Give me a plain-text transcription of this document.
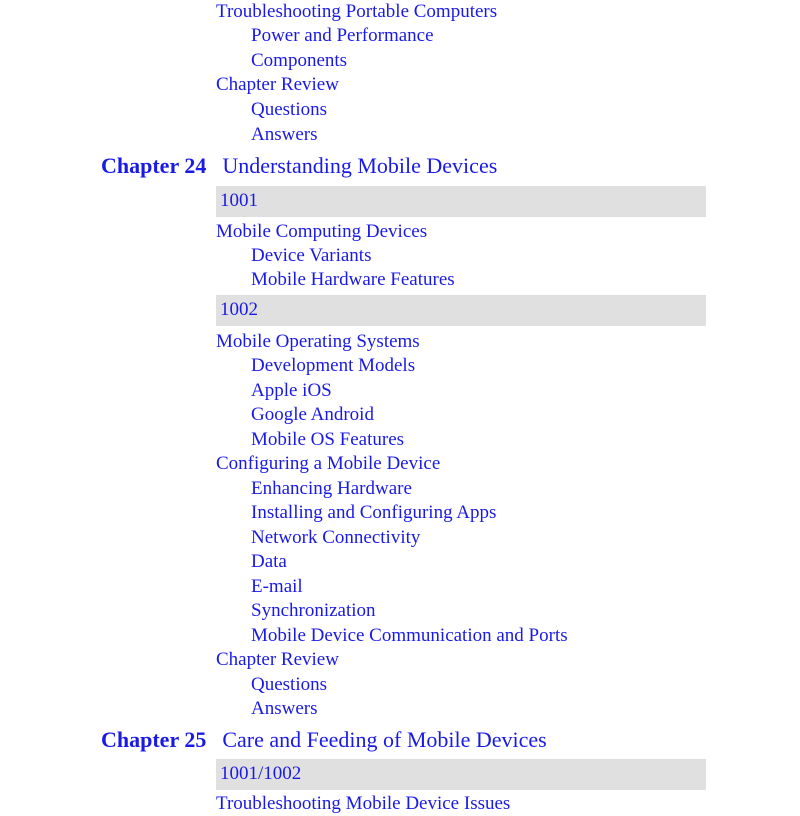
Troubleshooting Portable Computers
Power and Performance
Components
Chapter Review
Questions
Answers
Chapter 24 Understanding Mobile Devices
1001
Mobile Computing Devices
Device Variants
Mobile Hardware Features
1002
Mobile Operating Systems
Development Models
Apple iOS
Google Android
Mobile OS Features
Configuring a Mobile Device
Enhancing Hardware
Installing and Configuring Apps
Network Connectivity
Data
E-mail
Synchronization
Mobile Device Communication and Ports
Chapter Review
Questions
Answers
Chapter 25 Care and Feeding of Mobile Devices
1001/1002
Troubleshooting Mobile Device Issues
